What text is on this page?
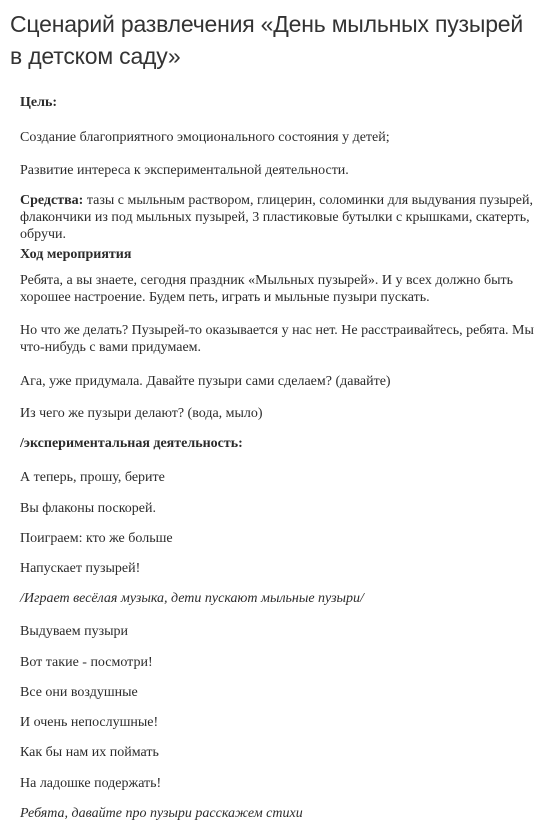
Сценарий развлечения «День мыльных пузырей в детском саду»

Цель:

Создание благоприятного эмоционального состояния у детей;

Развитие интереса к экспериментальной деятельности.

Средства: тазы с мыльным раствором, глицерин, соломинки для выдувания пузырей, флакончики из под мыльных пузырей, 3 пластиковые бутылки с крышками, скатерть, обручи.

Ход мероприятия

Ребята, а вы знаете, сегодня праздник «Мыльных пузырей». И у всех должно быть хорошее настроение. Будем петь, играть и мыльные пузыри пускать.

Но что же делать? Пузырей-то оказывается у нас нет. Не расстраивайтесь, ребята. Мы что-нибудь с вами придумаем.

Ага, уже придумала. Давайте пузыри сами сделаем? (давайте)

Из чего же пузыри делают? (вода, мыло)

/экспериментальная деятельность:

А теперь, прошу, берите

Вы флаконы поскорей.

Поиграем: кто же больше

Напускает пузырей!

/Играет весёлая музыка, дети пускают мыльные пузыри/

Выдуваем пузыри

Вот такие - посмотри!

Все они воздушные

И очень непослушные!

Как бы нам их поймать

На ладошке подержать!

Ребята, давайте про пузыри расскажем стихи
